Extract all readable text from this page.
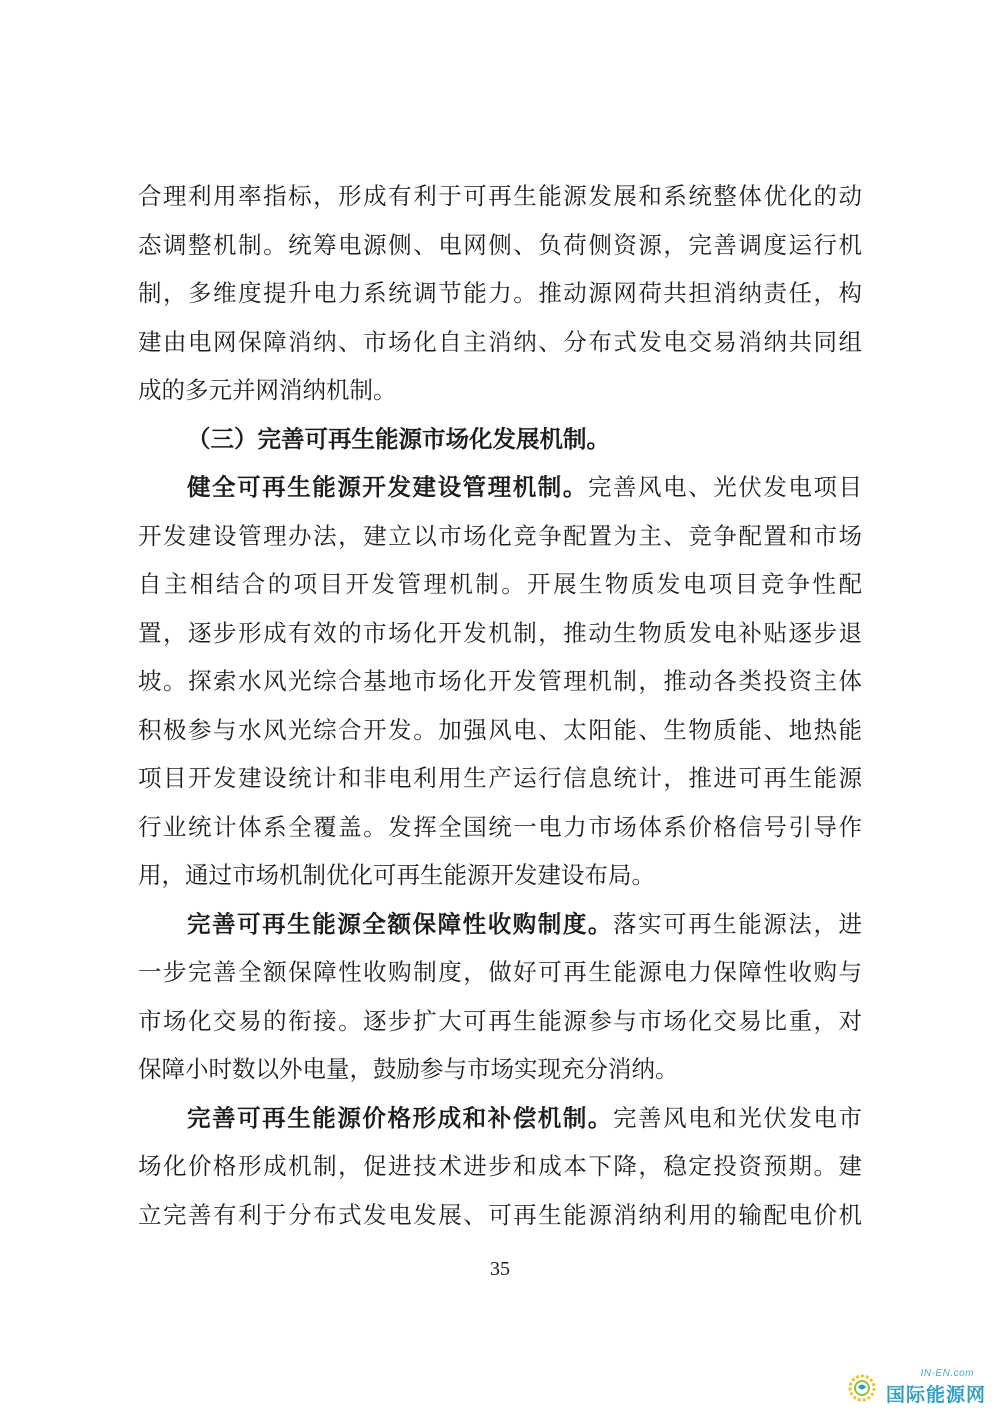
合理利用率指标，形成有利于可再生能源发展和系统整体优化的动
态调整机制。统筹电源侧、电网侧、负荷侧资源，完善调度运行机
制，多维度提升电力系统调节能力。推动源网荷共担消纳责任，构
建由电网保障消纳、市场化自主消纳、分布式发电交易消纳共同组
成的多元并网消纳机制。
（三）完善可再生能源市场化发展机制。
健全可再生能源开发建设管理机制。完善风电、光伏发电项目
开发建设管理办法，建立以市场化竞争配置为主、竞争配置和市场
自主相结合的项目开发管理机制。开展生物质发电项目竞争性配
置，逐步形成有效的市场化开发机制，推动生物质发电补贴逐步退
坡。探索水风光综合基地市场化开发管理机制，推动各类投资主体
积极参与水风光综合开发。加强风电、太阳能、生物质能、地热能
项目开发建设统计和非电利用生产运行信息统计，推进可再生能源
行业统计体系全覆盖。发挥全国统一电力市场体系价格信号引导作
用，通过市场机制优化可再生能源开发建设布局。
完善可再生能源全额保障性收购制度。落实可再生能源法，进
一步完善全额保障性收购制度，做好可再生能源电力保障性收购与
市场化交易的衔接。逐步扩大可再生能源参与市场化交易比重，对
保障小时数以外电量，鼓励参与市场实现充分消纳。
完善可再生能源价格形成和补偿机制。完善风电和光伏发电市
场化价格形成机制，促进技术进步和成本下降，稳定投资预期。建
立完善有利于分布式发电发展、可再生能源消纳利用的输配电价机
35
IN-EN.com
国际能源网
